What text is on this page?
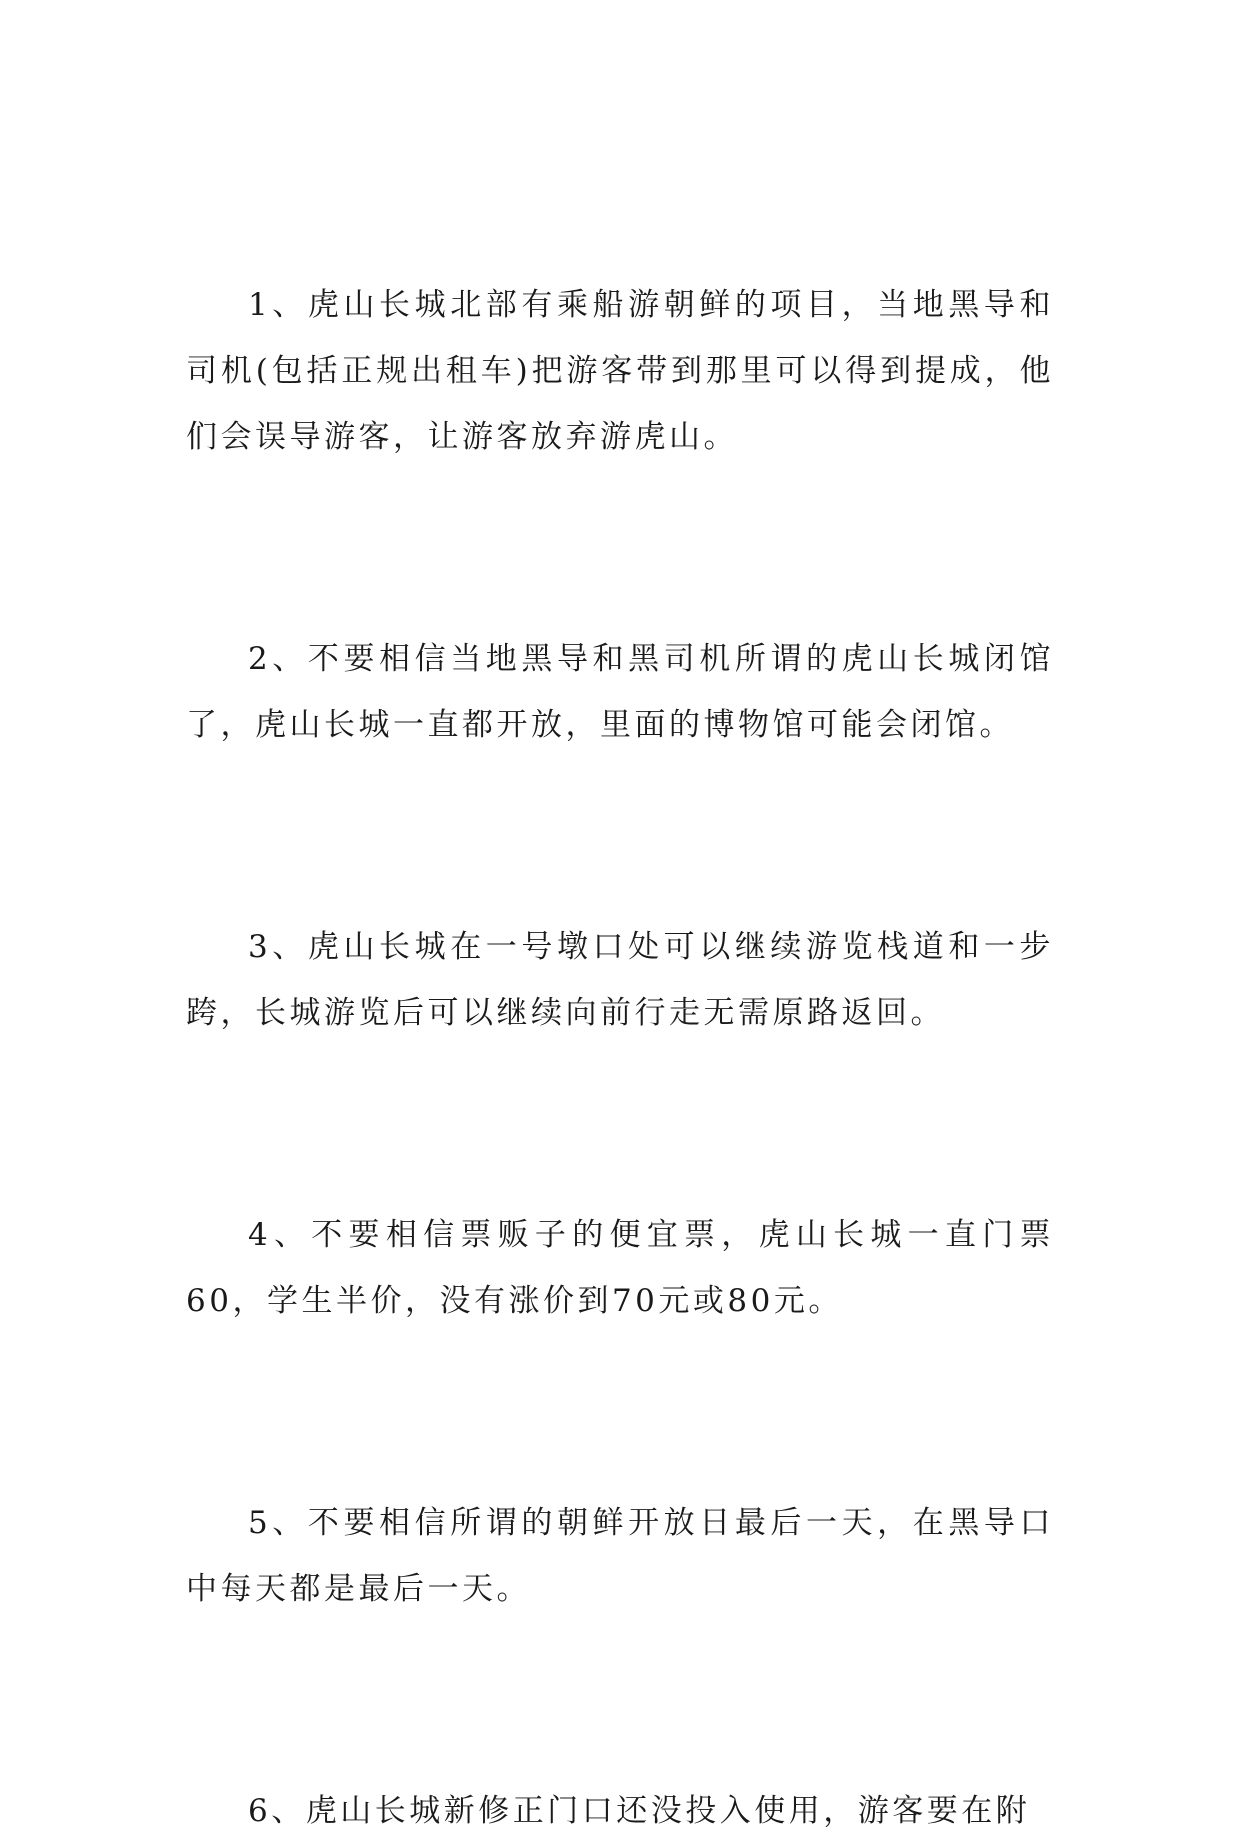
1、虎山长城北部有乘船游朝鲜的项目，当地黑导和司机(包括正规出租车)把游客带到那里可以得到提成，他们会误导游客，让游客放弃游虎山。

2、不要相信当地黑导和黑司机所谓的虎山长城闭馆了，虎山长城一直都开放，里面的博物馆可能会闭馆。

3、虎山长城在一号墩口处可以继续游览栈道和一步跨，长城游览后可以继续向前行走无需原路返回。

4、不要相信票贩子的便宜票，虎山长城一直门票60，学生半价，没有涨价到70元或80元。

5、不要相信所谓的朝鲜开放日最后一天，在黑导口中每天都是最后一天。

6、虎山长城新修正门口还没投入使用，游客要在附
